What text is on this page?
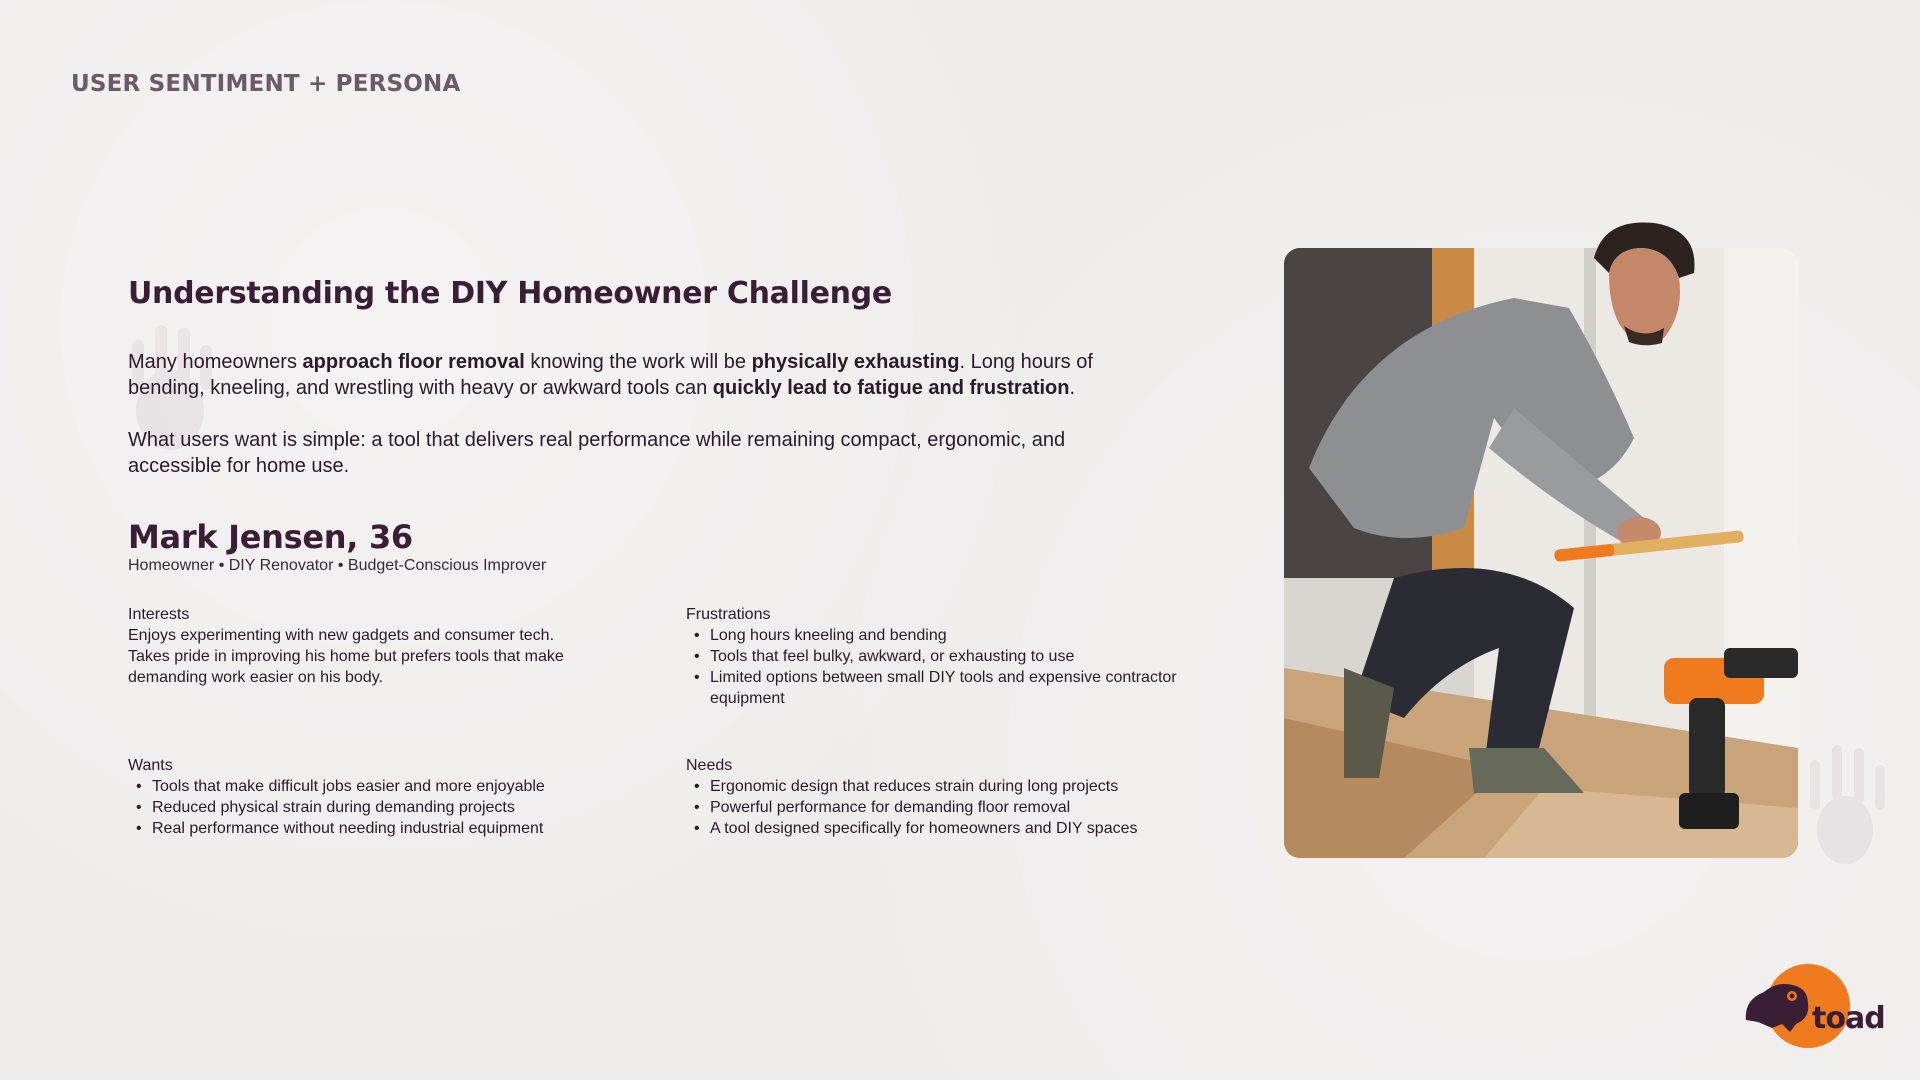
USER SENTIMENT + PERSONA
Understanding the DIY Homeowner Challenge

Many homeowners approach floor removal knowing the work will be physically exhausting. Long hours of bending, kneeling, and wrestling with heavy or awkward tools can quickly lead to fatigue and frustration.

What users want is simple: a tool that delivers real performance while remaining compact, ergonomic, and accessible for home use.

Mark Jensen, 36
Homeowner • DIY Renovator • Budget-Conscious Improver
Interests
Enjoys experimenting with new gadgets and consumer tech. Takes pride in improving his home but prefers tools that make demanding work easier on his body.
Frustrations
• Long hours kneeling and bending
• Tools that feel bulky, awkward, or exhausting to use
• Limited options between small DIY tools and expensive contractor equipment
Wants
• Tools that make difficult jobs easier and more enjoyable
• Reduced physical strain during demanding projects
• Real performance without needing industrial equipment
Needs
• Ergonomic design that reduces strain during long projects
• Powerful performance for demanding floor removal
• A tool designed specifically for homeowners and DIY spaces
toad
